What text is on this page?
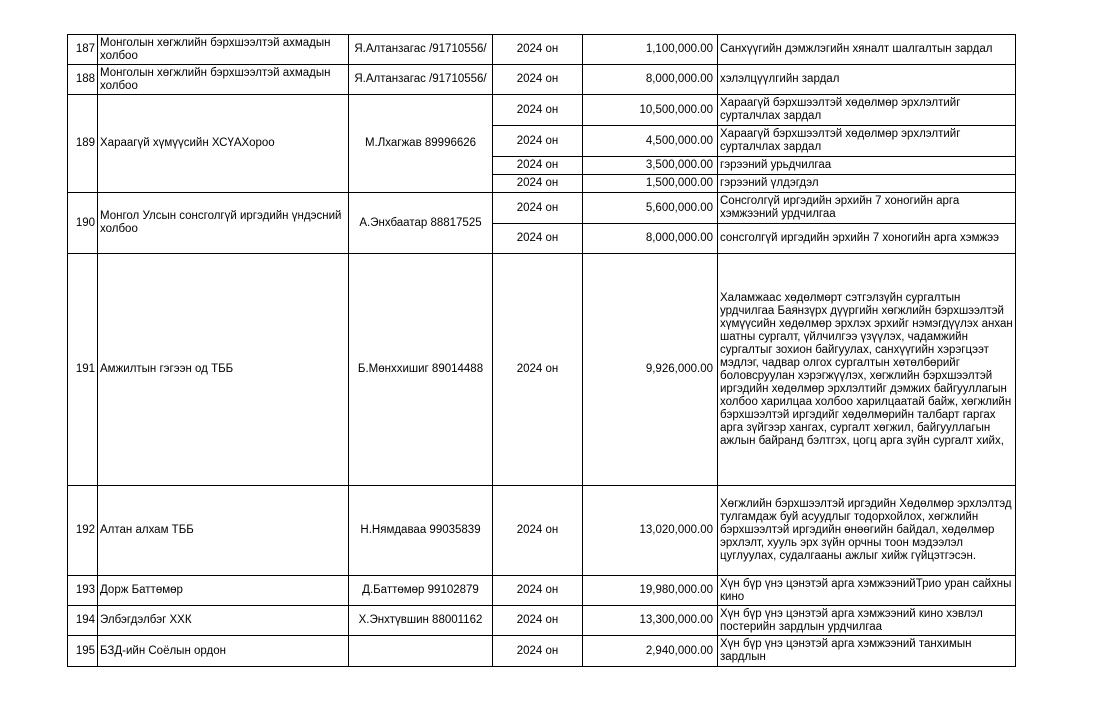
187	Монголын хөгжлийн бэрхшээлтэй ахмадын холбоо	Я.Алтанзагас /91710556/	2024 он	1,100,000.00	Санхүүгийн дэмжлэгийн хяналт шалгалтын зардал
188	Монголын хөгжлийн бэрхшээлтэй ахмадын холбоо	Я.Алтанзагас /91710556/	2024 он	8,000,000.00	хэлэлцүүлгийн зардал
189	Хараагүй хүмүүсийн ХСҮАХороо	М.Лхагжав 89996626	2024 он	10,500,000.00	Хараагүй бэрхшээлтэй хөдөлмөр эрхлэлтийг сурталчлах зардал
			2024 он	4,500,000.00	Хараагүй бэрхшээлтэй хөдөлмөр эрхлэлтийг сурталчлах зардал
			2024 он	3,500,000.00	гэрээний урьдчилгаа
			2024 он	1,500,000.00	гэрээний үлдэгдэл
190	Монгол Улсын сонсголгүй иргэдийн үндэсний холбоо	А.Энхбаатар 88817525	2024 он	5,600,000.00	Сонсголгүй иргэдийн эрхийн 7 хоногийн арга хэмжээний урдчилгаа
			2024 он	8,000,000.00	сонсголгүй иргэдийн эрхийн 7 хоногийн арга хэмжээ
191	Амжилтын гэгээн од ТББ	Б.Мөнххишиг 89014488	2024 он	9,926,000.00	Халамжаас хөдөлмөрт сэтгэлзүйн сургалтын урдчилгаа Баянзүрх дүүргийн хөгжлийн бэрхшээлтэй хүмүүсийн хөдөлмөр эрхлэх эрхийг нэмэгдүүлэх анхан шатны сургалт, үйлчилгээ үзүүлэх, чадамжийн сургалтыг зохион байгуулах, санхүүгийн хэрэгцээт мэдлэг, чадвар олгох сургалтын хөтөлбөрийг боловсруулан хэрэгжүүлэх, хөгжлийн бэрхшээлтэй иргэдийн хөдөлмөр эрхлэлтийг дэмжих байгууллагын холбоо харилцаа холбоо харилцаатай байж, хөгжлийн бэрхшээлтэй иргэдийг хөдөлмөрийн талбарт гаргах арга зүйгээр хангах, сургалт хөгжил, байгууллагын ажлын байранд бэлтгэх, цогц арга зүйн сургалт хийх,
192	Алтан алхам ТББ	Н.Нямдаваа 99035839	2024 он	13,020,000.00	Хөгжлийн бэрхшээлтэй иргэдийн Хөдөлмөр эрхлэлтэд тулгамдаж буй асуудлыг тодорхойлох, хөгжлийн бэрхшээлтэй иргэдийн өнөөгийн байдал, хөдөлмөр эрхлэлт, хууль эрх зүйн орчны тоон мэдээлэл цуглуулах, судалгааны ажлыг хийж гүйцэтгэсэн.
193	Дорж Баттөмөр	Д.Баттөмөр 99102879	2024 он	19,980,000.00	Хүн бүр үнэ цэнэтэй арга хэмжээнийТрио уран сайхны кино
194	Элбэгдэлбэг ХХК	Х.Энхтүвшин 88001162	2024 он	13,300,000.00	Хүн бүр үнэ цэнэтэй арга хэмжээний кино хэвлэл постерийн зардлын урдчилгаа
195	БЗД-ийн Соёлын ордон		2024 он	2,940,000.00	Хүн бүр үнэ цэнэтэй арга хэмжээний танхимын зардлын
